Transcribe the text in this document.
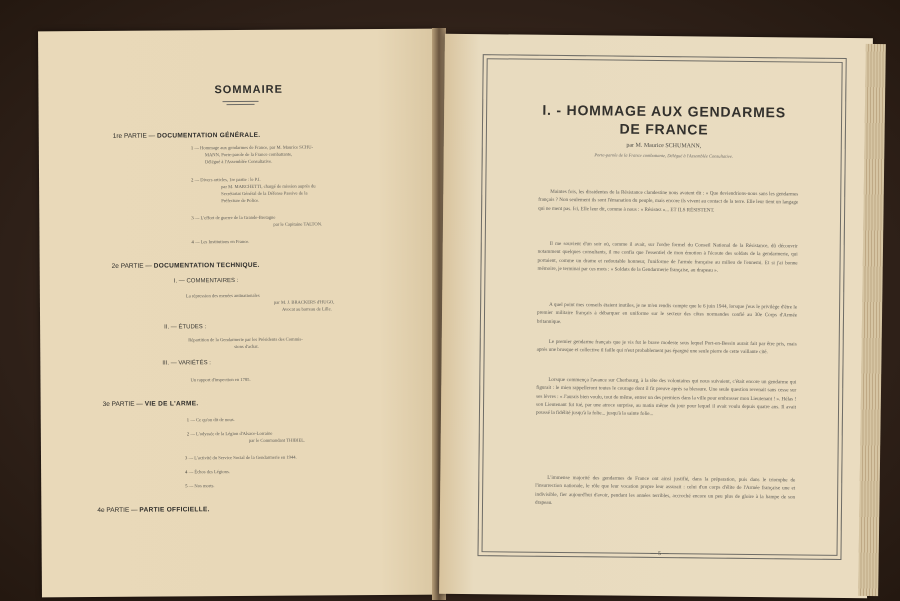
SOMMAIRE
1re PARTIE — DOCUMENTATION GÉNÉRALE.
1 — Hommage aux gendarmes de France, par M. Maurice SCHU-
MANN, Porte-parole de la France combattante,
Délégué à l'Assemblée Consultative.
2 — Divers articles, 1re partie : le P.I.
par M. MARCHETTI, chargé de mission auprès du
Secrétariat Général de la Défense Passive de la
Préfecture de Police.
3 — L'effort de guerre de la Grande-Bretagne
par le Capitaine TALTON.
4 — Les Institutions en France.
2e PARTIE — DOCUMENTATION TECHNIQUE.
I. — COMMENTAIRES :
La répression des menées antinationales
par M. J. BRACKERS d'HUGO,
Avocat au barreau de Lille.
II. — ÉTUDES :
Répartition de la Gendarmerie par les Présidents des Commis-
sions d'achat.
III. — VARIÉTÉS :
Un rapport d'inspection en 1785.
3e PARTIE — VIE DE L'ARME.
1 — Ce qu'on dit de nous.
2 — L'odyssée de la Légion d'Alsace-Lorraine
par le Commandant THIBIEL.
3 — L'activité du Service Social de la Gendarmerie en 1944.
4 — Échos des Légions.
5 — Nos morts.
4e PARTIE — PARTIE OFFICIELLE.
I. - HOMMAGE AUX GENDARMES
DE FRANCE
par M. Maurice SCHUMANN,
Porte-parole de la France combattante, Délégué à l'Assemblée Consultative.

Maintes fois, les dissidentes de la Résistance clandestine nous avaient dit : « Que deviendrions-nous sans les gendarmes français ? Non seulement ils sont l'émanation du peuple, mais encore ils vivent au contact de la terre. Elle leur tient un langage qui ne ment pas. Ici, Elle leur dit, comme à nous : « Résistez »... ET ILS RÉSISTENT.

Il me souvient d'un soir où, comme il avait, sur l'ordre formel du Conseil National de la Résistance, dû découvrir notamment quelques consultants, il me confia que l'essentiel de mon émotion à l'écoute des soldats de la gendarmerie, qui portaient, comme un drame et redoutable honneur, l'uniforme de l'armée française au milieu de l'ennemi. Et si j'ai bonne mémoire, je terminai par ces mots : « Soldats de la Gendarmerie française, au drapeau ».

A quel point mes conseils étaient inutiles, je ne m'en rendis compte que le 6 juin 1944, lorsque j'eus le privilège d'être le premier militaire français à débarquer en uniforme sur le secteur des côtes normandes confié au 30e Corps d'Armée britannique.

Le premier gendarme français que je vis fut le brave modeste sous lequel Port-en-Bessin aurait fait par être pris, mais après une brusque et collective il faille qui n'eut probablement pas épargné une seule pierre de cette vaillante cité.

Lorsque commença l'avance sur Cherbourg, à la tête des volontaires qui nous suivaient, c'était encore un gendarme qui figurait : le mien rappelleront toutes le courage dont il fit preuve après sa blessure. Une seule question revenait sans cesse sur ses lèvres : « J'aurais bien voulu, tout de même, entrer un des premiers dans la ville pour embrasser mon Lieutenant ! ». Hélas ! son Lieutenant fut tué, par une atroce surprise, au matin même du jour pour lequel il avait voulu depuis quatre ans. Il avait poussé la fidélité jusqu'à la folie... jusqu'à la sainte folie...

L'immense majorité des gendarmes de France ont ainsi justifié, dans la préparation, puis dans le triomphe de l'insurrection nationale, le rôle que leur vocation propre leur assurait : celui d'un corps d'élite de l'Armée française une et indivisible, fier aujourd'hui d'avoir, pendant les années terribles, accroché encore un peu plus de gloire à la hampe de son drapeau.

— 5 —
